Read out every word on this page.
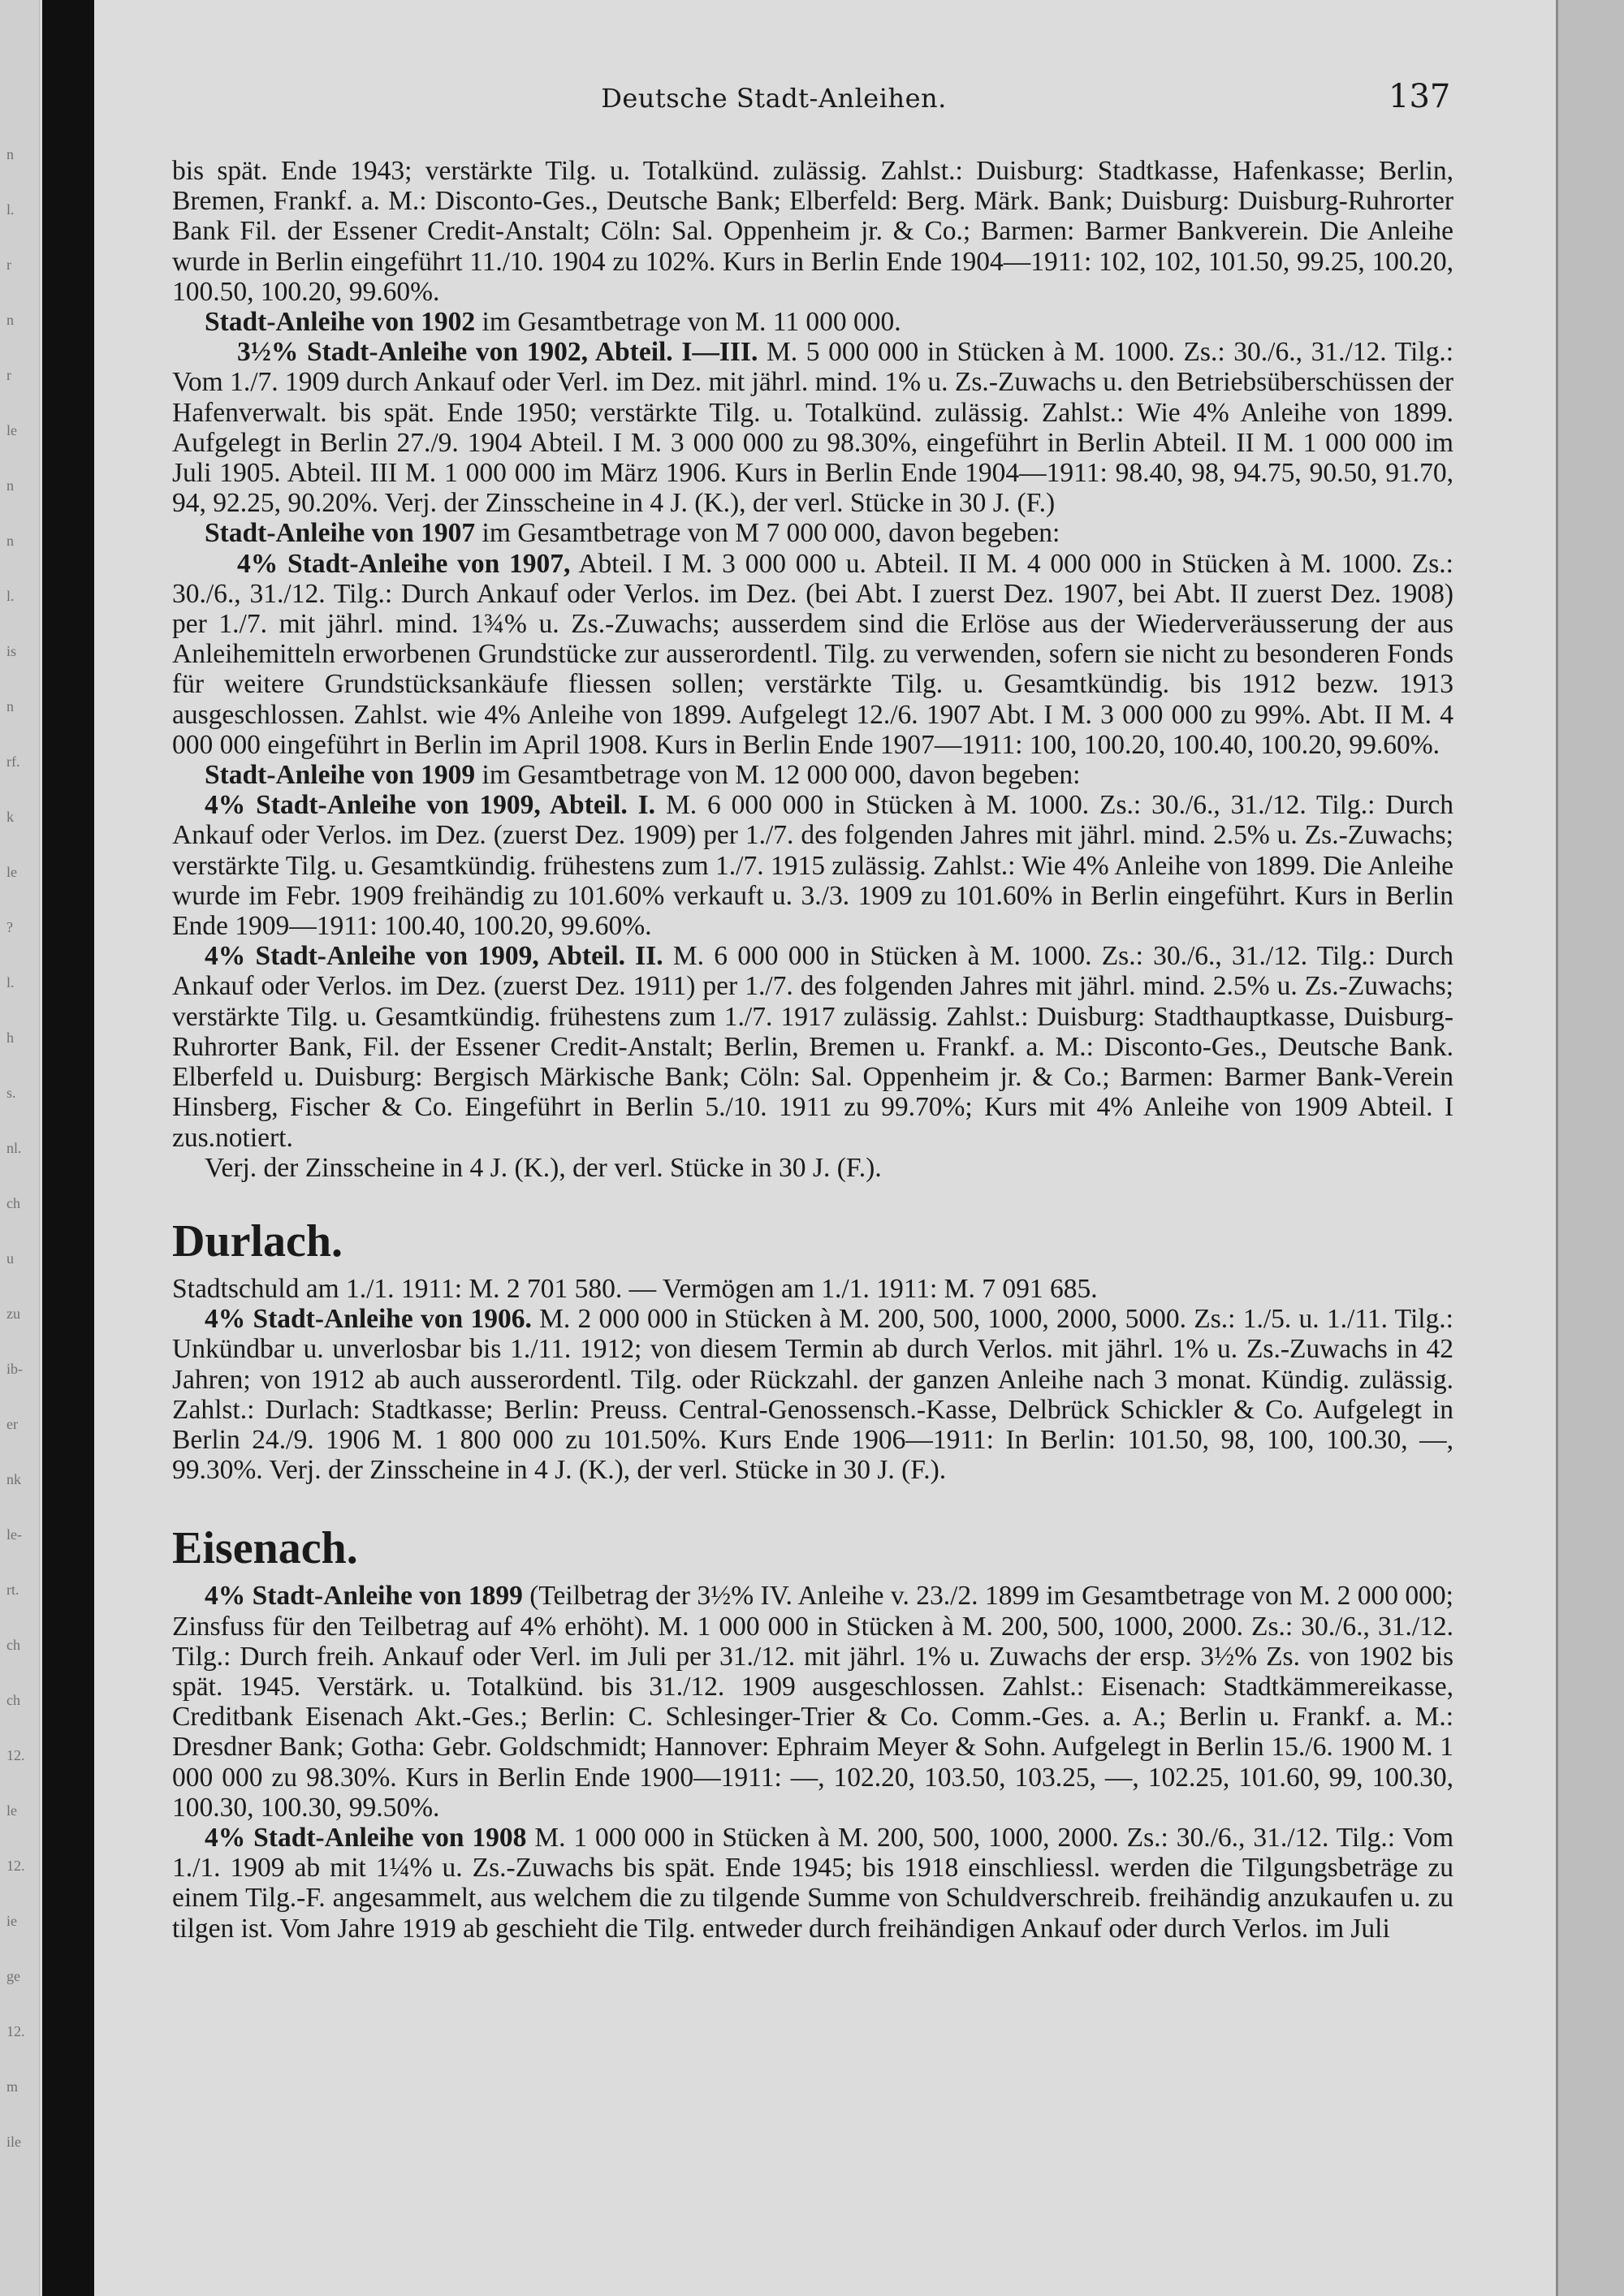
n
l.
r
n
r
le
n
n
l.
is
n
rf.
k
le
?
l.
h
s.
nl.
ch
u
zu
ib-
er
nk
le-
rt.
ch
ch
12.
le
12.
ie
ge
12.
m
ile
Deutsche Stadt-Anleihen.	137

bis spät. Ende 1943; verstärkte Tilg. u. Totalkünd. zulässig. Zahlst.: Duisburg: Stadtkasse, Hafenkasse; Berlin, Bremen, Frankf. a. M.: Disconto-Ges., Deutsche Bank; Elberfeld: Berg. Märk. Bank; Duisburg: Duisburg-Ruhrorter Bank Fil. der Essener Credit-Anstalt; Cöln: Sal. Oppenheim jr. & Co.; Barmen: Barmer Bankverein. Die Anleihe wurde in Berlin eingeführt 11./10. 1904 zu 102%. Kurs in Berlin Ende 1904—1911: 102, 102, 101.50, 99.25, 100.20, 100.50, 100.20, 99.60%.

Stadt-Anleihe von 1902 im Gesamtbetrage von M. 11 000 000.

3½% Stadt-Anleihe von 1902, Abteil. I—III. M. 5 000 000 in Stücken à M. 1000. Zs.: 30./6., 31./12. Tilg.: Vom 1./7. 1909 durch Ankauf oder Verl. im Dez. mit jährl. mind. 1% u. Zs.-Zuwachs u. den Betriebsüberschüssen der Hafenverwalt. bis spät. Ende 1950; verstärkte Tilg. u. Totalkünd. zulässig. Zahlst.: Wie 4% Anleihe von 1899. Aufgelegt in Berlin 27./9. 1904 Abteil. I M. 3 000 000 zu 98.30%, eingeführt in Berlin Abteil. II M. 1 000 000 im Juli 1905. Abteil. III M. 1 000 000 im März 1906. Kurs in Berlin Ende 1904—1911: 98.40, 98, 94.75, 90.50, 91.70, 94, 92.25, 90.20%. Verj. der Zinsscheine in 4 J. (K.), der verl. Stücke in 30 J. (F.)

Stadt-Anleihe von 1907 im Gesamtbetrage von M 7 000 000, davon begeben:

4% Stadt-Anleihe von 1907, Abteil. I M. 3 000 000 u. Abteil. II M. 4 000 000 in Stücken à M. 1000. Zs.: 30./6., 31./12. Tilg.: Durch Ankauf oder Verlos. im Dez. (bei Abt. I zuerst Dez. 1907, bei Abt. II zuerst Dez. 1908) per 1./7. mit jährl. mind. 1¾% u. Zs.-Zuwachs; ausserdem sind die Erlöse aus der Wiederveräusserung der aus Anleihemitteln erworbenen Grundstücke zur ausserordentl. Tilg. zu verwenden, sofern sie nicht zu besonderen Fonds für weitere Grundstücksankäufe fliessen sollen; verstärkte Tilg. u. Gesamtkündig. bis 1912 bezw. 1913 ausgeschlossen. Zahlst. wie 4% Anleihe von 1899. Aufgelegt 12./6. 1907 Abt. I M. 3 000 000 zu 99%. Abt. II M. 4 000 000 eingeführt in Berlin im April 1908. Kurs in Berlin Ende 1907—1911: 100, 100.20, 100.40, 100.20, 99.60%.

Stadt-Anleihe von 1909 im Gesamtbetrage von M. 12 000 000, davon begeben:

4% Stadt-Anleihe von 1909, Abteil. I. M. 6 000 000 in Stücken à M. 1000. Zs.: 30./6., 31./12. Tilg.: Durch Ankauf oder Verlos. im Dez. (zuerst Dez. 1909) per 1./7. des folgenden Jahres mit jährl. mind. 2.5% u. Zs.-Zuwachs; verstärkte Tilg. u. Gesamtkündig. frühestens zum 1./7. 1915 zulässig. Zahlst.: Wie 4% Anleihe von 1899. Die Anleihe wurde im Febr. 1909 freihändig zu 101.60% verkauft u. 3./3. 1909 zu 101.60% in Berlin eingeführt. Kurs in Berlin Ende 1909—1911: 100.40, 100.20, 99.60%.

4% Stadt-Anleihe von 1909, Abteil. II. M. 6 000 000 in Stücken à M. 1000. Zs.: 30./6., 31./12. Tilg.: Durch Ankauf oder Verlos. im Dez. (zuerst Dez. 1911) per 1./7. des folgenden Jahres mit jährl. mind. 2.5% u. Zs.-Zuwachs; verstärkte Tilg. u. Gesamtkündig. frühestens zum 1./7. 1917 zulässig. Zahlst.: Duisburg: Stadthauptkasse, Duisburg-Ruhrorter Bank, Fil. der Essener Credit-Anstalt; Berlin, Bremen u. Frankf. a. M.: Disconto-Ges., Deutsche Bank. Elberfeld u. Duisburg: Bergisch Märkische Bank; Cöln: Sal. Oppenheim jr. & Co.; Barmen: Barmer Bank-Verein Hinsberg, Fischer & Co. Eingeführt in Berlin 5./10. 1911 zu 99.70%; Kurs mit 4% Anleihe von 1909 Abteil. I zus.notiert.

Verj. der Zinsscheine in 4 J. (K.), der verl. Stücke in 30 J. (F.).

Durlach.

Stadtschuld am 1./1. 1911: M. 2 701 580. — Vermögen am 1./1. 1911: M. 7 091 685.

4% Stadt-Anleihe von 1906. M. 2 000 000 in Stücken à M. 200, 500, 1000, 2000, 5000. Zs.: 1./5. u. 1./11. Tilg.: Unkündbar u. unverlosbar bis 1./11. 1912; von diesem Termin ab durch Verlos. mit jährl. 1% u. Zs.-Zuwachs in 42 Jahren; von 1912 ab auch ausserordentl. Tilg. oder Rückzahl. der ganzen Anleihe nach 3 monat. Kündig. zulässig. Zahlst.: Durlach: Stadtkasse; Berlin: Preuss. Central-Genossensch.-Kasse, Delbrück Schickler & Co. Aufgelegt in Berlin 24./9. 1906 M. 1 800 000 zu 101.50%. Kurs Ende 1906—1911: In Berlin: 101.50, 98, 100, 100.30, —, 99.30%. Verj. der Zinsscheine in 4 J. (K.), der verl. Stücke in 30 J. (F.).

Eisenach.

4% Stadt-Anleihe von 1899 (Teilbetrag der 3½% IV. Anleihe v. 23./2. 1899 im Gesamtbetrage von M. 2 000 000; Zinsfuss für den Teilbetrag auf 4% erhöht). M. 1 000 000 in Stücken à M. 200, 500, 1000, 2000. Zs.: 30./6., 31./12. Tilg.: Durch freih. Ankauf oder Verl. im Juli per 31./12. mit jährl. 1% u. Zuwachs der ersp. 3½% Zs. von 1902 bis spät. 1945. Verstärk. u. Totalkünd. bis 31./12. 1909 ausgeschlossen. Zahlst.: Eisenach: Stadtkämmereikasse, Creditbank Eisenach Akt.-Ges.; Berlin: C. Schlesinger-Trier & Co. Comm.-Ges. a. A.; Berlin u. Frankf. a. M.: Dresdner Bank; Gotha: Gebr. Goldschmidt; Hannover: Ephraim Meyer & Sohn. Aufgelegt in Berlin 15./6. 1900 M. 1 000 000 zu 98.30%. Kurs in Berlin Ende 1900—1911: —, 102.20, 103.50, 103.25, —, 102.25, 101.60, 99, 100.30, 100.30, 100.30, 99.50%.

4% Stadt-Anleihe von 1908 M. 1 000 000 in Stücken à M. 200, 500, 1000, 2000. Zs.: 30./6., 31./12. Tilg.: Vom 1./1. 1909 ab mit 1¼% u. Zs.-Zuwachs bis spät. Ende 1945; bis 1918 einschliessl. werden die Tilgungsbeträge zu einem Tilg.-F. angesammelt, aus welchem die zu tilgende Summe von Schuldverschreib. freihändig anzukaufen u. zu tilgen ist. Vom Jahre 1919 ab geschieht die Tilg. entweder durch freihändigen Ankauf oder durch Verlos. im Juli
